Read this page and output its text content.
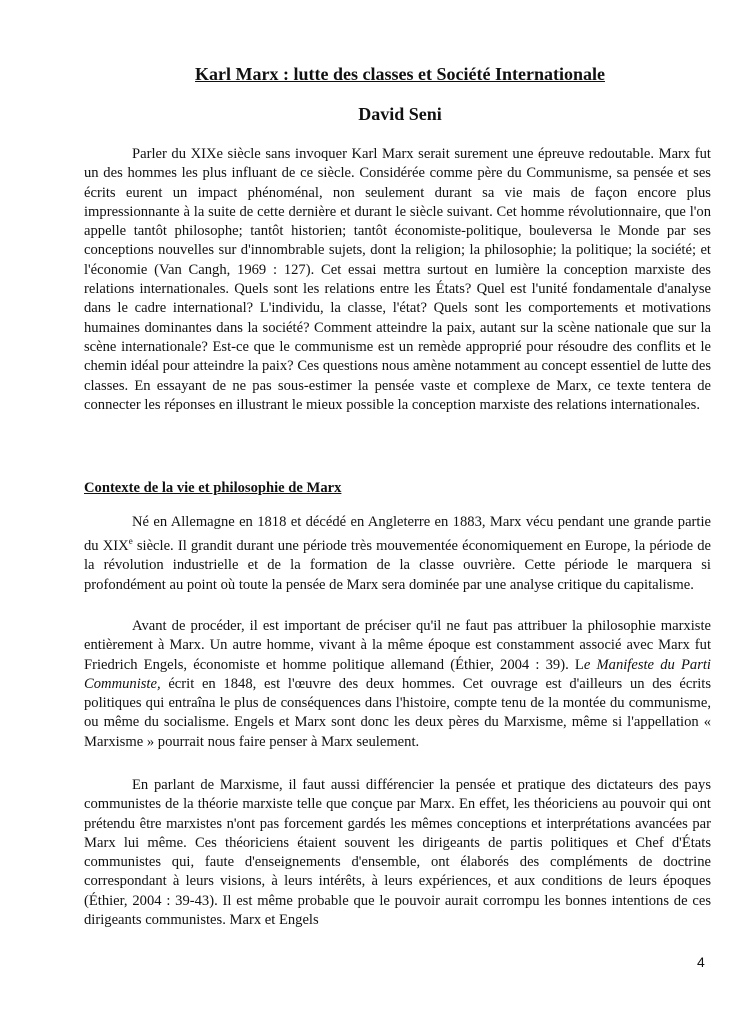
Karl Marx : lutte des classes et Société Internationale
David Seni

Parler du XIXe siècle sans invoquer Karl Marx serait surement une épreuve redoutable. Marx fut un des hommes les plus influant de ce siècle. Considérée comme père du Communisme, sa pensée et ses écrits eurent un impact phénoménal, non seulement durant sa vie mais de façon encore plus impressionnante à la suite de cette dernière et durant le siècle suivant. Cet homme révolutionnaire, que l'on appelle tantôt philosophe; tantôt historien; tantôt économiste-politique, bouleversa le Monde par ses conceptions nouvelles sur d'innombrable sujets, dont la religion; la philosophie; la politique; la société; et l'économie (Van Cangh, 1969 : 127). Cet essai mettra surtout en lumière la conception marxiste des relations internationales. Quels sont les relations entre les États? Quel est l'unité fondamentale d'analyse dans le cadre international? L'individu, la classe, l'état? Quels sont les comportements et motivations humaines dominantes dans la société? Comment atteindre la paix, autant sur la scène nationale que sur la scène internationale? Est-ce que le communisme est un remède approprié pour résoudre des conflits et le chemin idéal pour atteindre la paix? Ces questions nous amène notamment au concept essentiel de lutte des classes. En essayant de ne pas sous-estimer la pensée vaste et complexe de Marx, ce texte tentera de connecter les réponses en illustrant le mieux possible la conception marxiste des relations internationales.

Contexte de la vie et philosophie de Marx

Né en Allemagne en 1818 et décédé en Angleterre en 1883, Marx vécu pendant une grande partie du XIXe siècle. Il grandit durant une période très mouvementée économiquement en Europe, la période de la révolution industrielle et de la formation de la classe ouvrière. Cette période le marquera si profondément au point où toute la pensée de Marx sera dominée par une analyse critique du capitalisme.

Avant de procéder, il est important de préciser qu'il ne faut pas attribuer la philosophie marxiste entièrement à Marx. Un autre homme, vivant à la même époque est constamment associé avec Marx fut Friedrich Engels, économiste et homme politique allemand (Éthier, 2004 : 39). Le Manifeste du Parti Communiste, écrit en 1848, est l'œuvre des deux hommes. Cet ouvrage est d'ailleurs un des écrits politiques qui entraîna le plus de conséquences dans l'histoire, compte tenu de la montée du communisme, ou même du socialisme. Engels et Marx sont donc les deux pères du Marxisme, même si l'appellation « Marxisme » pourrait nous faire penser à Marx seulement.

En parlant de Marxisme, il faut aussi différencier la pensée et pratique des dictateurs des pays communistes de la théorie marxiste telle que conçue par Marx. En effet, les théoriciens au pouvoir qui ont prétendu être marxistes n'ont pas forcement gardés les mêmes conceptions et interprétations avancées par Marx lui même. Ces théoriciens étaient souvent les dirigeants de partis politiques et Chef d'États communistes qui, faute d'enseignements d'ensemble, ont élaborés des compléments de doctrine correspondant à leurs visions, à leurs intérêts, à leurs expériences, et aux conditions de leurs époques (Éthier, 2004 : 39-43). Il est même probable que le pouvoir aurait corrompu les bonnes intentions de ces dirigeants communistes. Marx et Engels

4
